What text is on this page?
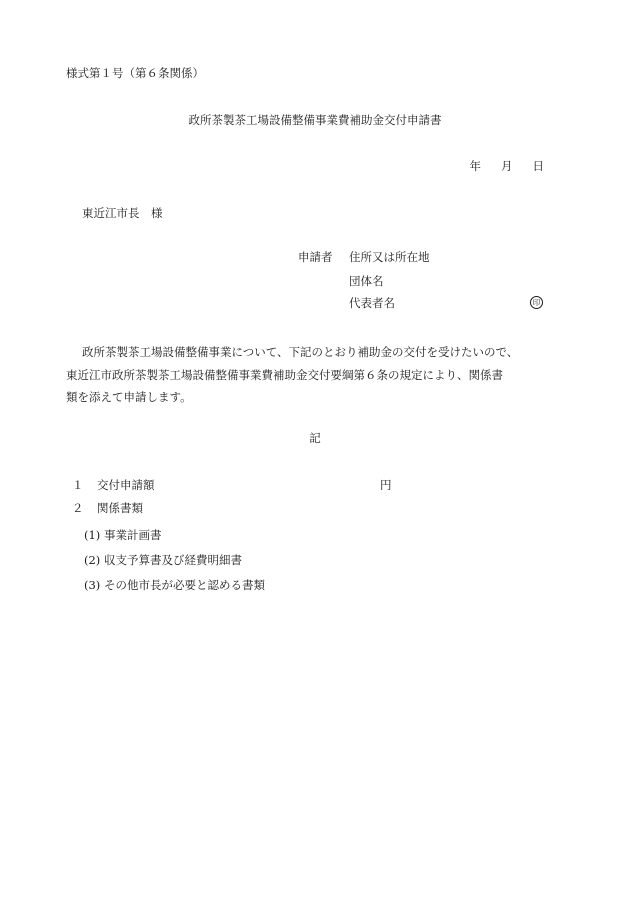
様式第１号（第６条関係）
政所茶製茶工場設備整備事業費補助金交付申請書
年 月 日
東近江市長　様
申請者 住所又は所在地
団体名
代表者名	印

政所茶製茶工場設備整備事業について、下記のとおり補助金の交付を受けたいので、

東近江市政所茶製茶工場設備整備事業費補助金交付要綱第６条の規定により、関係書

類を添えて申請します。

記
１ 交付申請額	円
２ 関係書類
(1) 事業計画書
(2) 収支予算書及び経費明細書
(3) その他市長が必要と認める書類
